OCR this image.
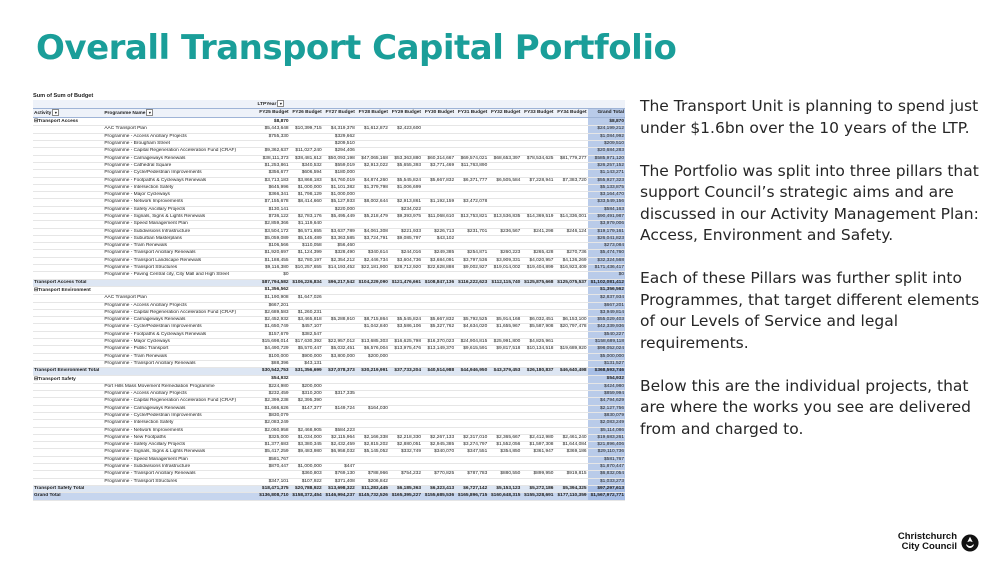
Overall Transport Capital Portfolio
Sum of Sum of Budget
		LTPYear ▾										
Activity ▾	Programme Name ▾	FY25 Budget	FY26 Budget	FY27 Budget	FY28 Budget	FY29 Budget	FY30 Budget	FY31 Budget	FY32 Budget	FY33 Budget	FY34 Budget	Grand Total
⊟Transport Access		$8,870										$8,870
	AAC Transport Plan	$5,443,648	$10,399,715	$4,319,378	$1,612,872	$2,423,600						$24,199,212
	Programme - Access Ancillary Projects	$755,330		$329,662								$1,084,992
	Programme - Brougham Street			$209,510								$209,510
	Programme - Capital Regeneration Acceleration Fund (CRAF)	$9,362,637	$11,027,240	$294,406								$20,684,283
	Programme - Carriageways Renewals	$38,111,373	$38,481,612	$50,093,198	$47,065,168	$53,363,880	$60,314,667	$69,574,021	$68,653,397	$78,534,625	$81,779,277	$585,971,120
	Programme - Cathedral Square	$1,253,861	$340,532	$559,019	$2,913,022	$5,655,393	$3,771,469	$11,763,890				$26,257,152
	Programme - Cycle/Pedestrian Improvements	$356,677	$606,594	$180,000								$1,143,271
	Programme - Footpaths & Cycleways Renewals	$3,713,183	$3,868,183	$4,760,019	$4,874,260	$5,545,824	$5,667,832	$6,371,777	$6,505,584	$7,228,941	$7,383,720	$55,927,323
	Programme - Intersection Safety	$645,996	$1,000,000	$1,101,382	$1,379,798	$1,006,699						$5,133,875
	Programme - Major Cycleways	$366,341	$1,798,129	$1,000,000								$3,164,470
	Programme - Network Improvements	$7,155,678	$8,414,660	$5,127,933	$8,002,644	$2,913,861	$1,192,159	$3,472,078				$33,549,156
	Programme - Safety Ancillary Projects	$130,141		$220,000		$234,022						$584,163
	Programme - Signals, Signs & Lights Renewals	$736,122	$2,783,176	$5,495,449	$5,218,479	$9,393,975	$11,068,610	$13,753,821	$13,536,835	$14,369,519	$14,336,001	$90,491,987
	Programme - Speed Management Plan	$2,859,366	$1,119,640									$3,979,006
	Programme - Subdivisions Infrastructure	$3,504,172	$6,571,655	$3,637,789	$4,061,308	$221,933	$226,713	$231,701	$236,567	$241,298	$246,124	$19,179,161
	Programme - Suburban Masterplans	$5,059,089	$5,145,489	$3,363,585	$3,724,791	$9,085,797	$43,102					$26,041,823
	Programme - Tram Renewals	$106,566	$110,058	$56,460								$273,084
	Programme - Transport Ancillary Renewals	$1,920,697	$1,124,399	$328,490	$340,614	$244,016	$249,385	$254,871	$260,223	$265,428	$270,736	$5,474,760
	Programme - Transport Landscape Renewals	$1,188,455	$2,780,197	$2,354,212	$2,446,734	$3,604,736	$3,684,091	$3,797,536	$3,909,331	$4,020,957	$4,136,269	$32,324,568
	Programme - Transport Structures	$9,116,380	$10,257,655	$14,193,452	$22,181,900	$28,712,920	$22,628,888	$9,002,927	$19,014,002	$19,404,899	$16,923,409	$171,436,417
	Programme - Paving Central city, City Mall and High Street	$0										$0
Transport Access Total		$87,794,582	$106,226,834	$96,217,542	$104,229,090	$121,476,661	$108,847,136	$116,222,623	$112,115,740	$125,875,668	$125,075,537	$1,102,081,412
⊟Transport Environment		$1,356,562										$1,356,562
	AAC Transport Plan	$1,190,908	$1,647,026									$2,837,934
	Programme - Access Ancillary Projects	$667,201										$667,201
	Programme - Capital Regeneration Acceleration Fund (CRAF)	$2,689,583	$1,260,231									$3,949,814
	Programme - Carriageways Renewals	$2,452,932	$3,465,818	$5,288,910	$8,715,864	$5,545,824	$5,667,832	$5,792,525	$5,914,168	$6,032,451	$6,153,100	$55,029,403
	Programme - Cycle/Pedestrian Improvements	$1,650,749	$457,107		$1,042,840	$3,586,106	$5,327,762	$4,634,020	$1,655,967	$5,587,908	$20,797,478	$42,339,936
	Programme - Footpaths & Cycleways Renewals	$157,679	$382,547									$540,227
	Programme - Major Cycleways	$15,698,014	$17,630,392	$22,957,012	$13,685,303	$16,625,798	$16,370,023	$24,904,815	$25,991,800	$4,825,961		$158,689,118
	Programme - Public Transport	$4,490,729	$5,570,447	$5,032,451	$6,576,004	$13,975,476	$13,149,370	$9,615,591	$9,817,518	$10,134,518	$19,689,920	$98,052,024
	Programme - Tram Renewals	$100,000	$900,000	$3,800,000	$200,000							$5,000,000
	Programme - Transport Ancillary Renewals	$88,396	$43,131									$131,527
Transport Environment Total		$30,542,753	$31,356,699	$37,078,373	$30,219,991	$37,733,204	$40,514,988	$44,946,950	$43,379,453	$26,180,837	$46,640,498	$368,593,746
⊟Transport Safety		$54,932										$54,932
	Port Hills Mass Movement Remediation Programme	$224,980	$200,000									$424,980
	Programme - Access Ancillary Projects	$232,459	$310,200	$317,335								$859,994
	Programme - Capital Regeneration Acceleration Fund (CRAF)	$2,399,238	$2,395,390									$4,794,629
	Programme - Carriageways Renewals	$1,666,626	$147,377	$149,724	$164,030							$2,127,756
	Programme - Cycle/Pedestrian Improvements	$830,079										$830,079
	Programme - Intersection Safety	$2,083,249										$2,083,249
	Programme - Network Improvements	$2,060,958	$2,468,905	$584,223								$5,114,086
	Programme - New Footpaths	$325,000	$1,034,000	$2,115,964	$2,166,338	$2,218,330	$2,267,133	$2,317,010	$2,365,667	$2,412,980	$2,461,240	$19,683,261
	Programme - Safety Ancillary Projects	$1,377,683	$3,380,345	$2,432,459	$2,815,202	$2,880,051	$2,945,385	$3,274,797	$1,552,056	$1,597,308	$1,644,084	$21,896,406
	Programme - Signals, Signs & Lights Renewals	$5,417,259	$9,483,980	$6,958,032	$5,145,052	$332,749	$340,070	$347,551	$354,850	$361,947	$369,186	$29,110,736
	Programme - Speed Management Plan	$581,767										$581,767
	Programme - Subdivisions Infrastructure	$870,447	$1,000,000	$447								$1,870,447
	Programme - Transport Ancillary Renewals		$360,803	$769,130	$788,966	$754,232	$770,825	$787,783	$880,550	$899,950	$919,815	$6,832,054
	Programme - Transport Structures	$347,101	$107,922	$371,408	$206,842							$1,033,273
Transport Safety Total		$18,471,375	$20,788,922	$13,698,322	$11,283,445	$6,185,363	$6,323,413	$6,727,142	$5,153,123	$5,272,186	$5,394,325	$97,297,613
Grand Total		$136,808,710	$158,372,454	$146,994,237	$145,732,526	$165,395,227	$155,685,536	$165,896,715	$160,648,315	$155,328,691	$177,110,359	$1,567,972,771

The Transport Unit is planning to spend just under $1.6bn over the 10 years of the LTP.

The Portfolio was split into three pillars that support Council’s strategic aims and are discussed in our Activity Management Plan: Access, Environment and Safety.

Each of these Pillars was further split into Programmes, that target different elements of our Levels of Service and legal requirements.

Below this are the individual projects, that are where the works you see are delivered from and charged to.

Christchurch
City Council
